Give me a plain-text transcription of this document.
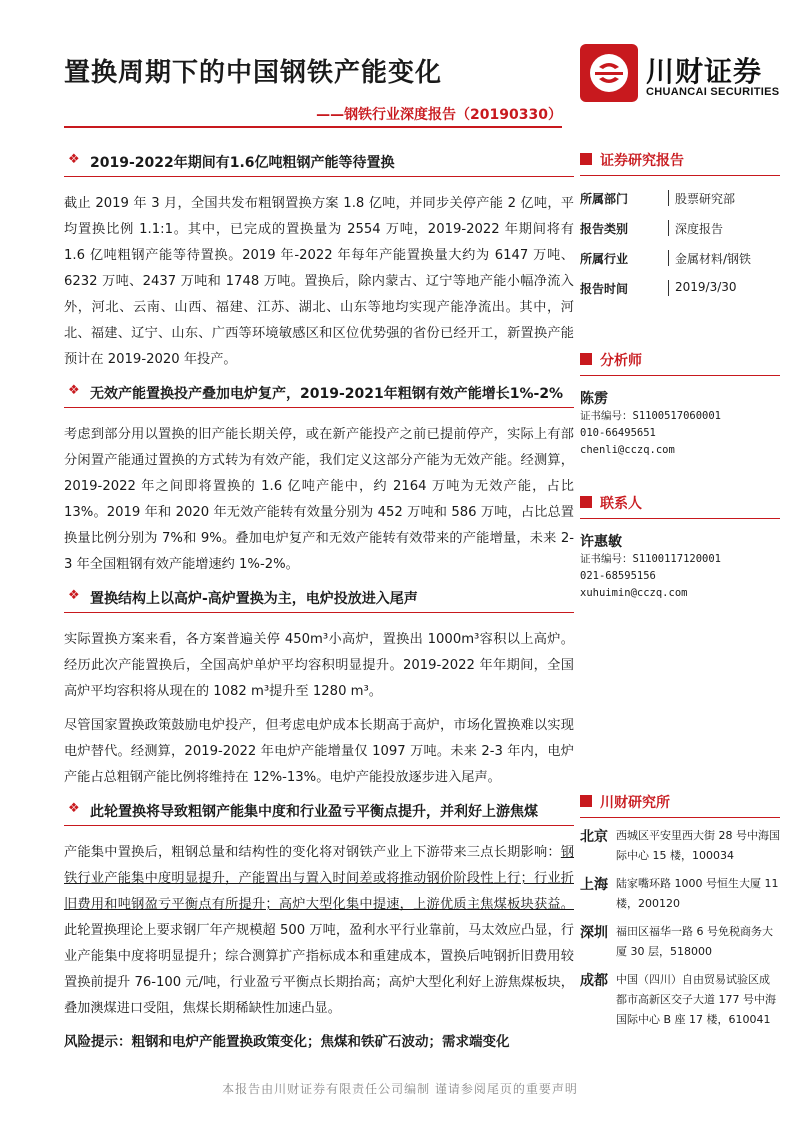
置换周期下的中国钢铁产能变化
——钢铁行业深度报告（20190330）
川财证券
CHUANCAI SECURITIES
❖ 2019-2022年期间有1.6亿吨粗钢产能等待置换

截止 2019 年 3 月，全国共发布粗钢置换方案 1.8 亿吨，并同步关停产能 2 亿吨，平均置换比例 1.1:1。其中，已完成的置换量为 2554 万吨，2019-2022 年期间将有 1.6 亿吨粗钢产能等待置换。2019 年-2022 年每年产能置换量大约为 6147 万吨、6232 万吨、2437 万吨和 1748 万吨。置换后，除内蒙古、辽宁等地产能小幅净流入外，河北、云南、山西、福建、江苏、湖北、山东等地均实现产能净流出。其中，河北、福建、辽宁、山东、广西等环境敏感区和区位优势强的省份已经开工，新置换产能预计在 2019-2020 年投产。

❖ 无效产能置换投产叠加电炉复产，2019-2021年粗钢有效产能增长1%-2%

考虑到部分用以置换的旧产能长期关停，或在新产能投产之前已提前停产，实际上有部分闲置产能通过置换的方式转为有效产能，我们定义这部分产能为无效产能。经测算，2019-2022 年之间即将置换的 1.6 亿吨产能中，约 2164 万吨为无效产能，占比 13%。2019 年和 2020 年无效产能转有效量分别为 452 万吨和 586 万吨，占比总置换量比例分别为 7%和 9%。叠加电炉复产和无效产能转有效带来的产能增量，未来 2-3 年全国粗钢有效产能增速约 1%-2%。

❖ 置换结构上以高炉-高炉置换为主，电炉投放进入尾声

实际置换方案来看，各方案普遍关停 450m³小高炉，置换出 1000m³容积以上高炉。经历此次产能置换后，全国高炉单炉平均容积明显提升。2019-2022 年年期间，全国高炉平均容积将从现在的 1082 m³提升至 1280 m³。

尽管国家置换政策鼓励电炉投产，但考虑电炉成本长期高于高炉，市场化置换难以实现电炉替代。经测算，2019-2022 年电炉产能增量仅 1097 万吨。未来 2-3 年内，电炉产能占总粗钢产能比例将维持在 12%-13%。电炉产能投放逐步进入尾声。

❖ 此轮置换将导致粗钢产能集中度和行业盈亏平衡点提升，并利好上游焦煤

产能集中置换后，粗钢总量和结构性的变化将对钢铁产业上下游带来三点长期影响：钢铁行业产能集中度明显提升，产能置出与置入时间差或将推动钢价阶段性上行；行业折旧费用和吨钢盈亏平衡点有所提升；高炉大型化集中提速，上游优质主焦煤板块获益。此轮置换理论上要求钢厂年产规模超 500 万吨，盈利水平行业靠前，马太效应凸显，行业产能集中度将明显提升；综合测算扩产指标成本和重建成本，置换后吨钢折旧费用较置换前提升 76-100 元/吨，行业盈亏平衡点长期抬高；高炉大型化利好上游焦煤板块，叠加澳煤进口受阻，焦煤长期稀缺性加速凸显。

风险提示：粗钢和电炉产能置换政策变化；焦煤和铁矿石波动；需求端变化
证券研究报告
所属部门	股票研究部
报告类别	深度报告
所属行业	金属材料/钢铁
报告时间	2019/3/30
分析师
陈雳
证书编号：S1100517060001
010-66495651
chenli@cczq.com
联系人
许惠敏
证书编号：S1100117120001
021-68595156
xuhuimin@cczq.com
川财研究所
北京 西城区平安里西大街 28 号中海国际中心 15 楼，100034
上海 陆家嘴环路 1000 号恒生大厦 11 楼，200120
深圳 福田区福华一路 6 号免税商务大厦 30 层，518000
成都 中国（四川）自由贸易试验区成都市高新区交子大道 177 号中海国际中心 B 座 17 楼，610041
本报告由川财证券有限责任公司编制 谨请参阅尾页的重要声明
